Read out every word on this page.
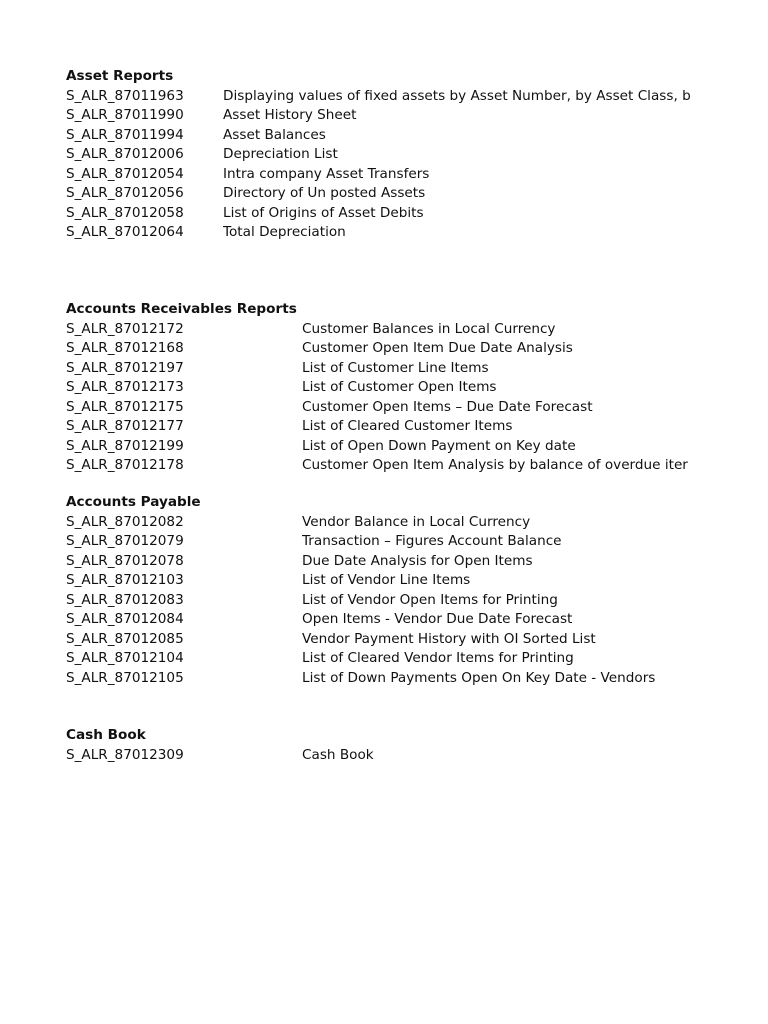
Asset Reports
S_ALR_87011963	Displaying values of fixed assets by Asset Number, by Asset Class, b
S_ALR_87011990	Asset History Sheet
S_ALR_87011994	Asset Balances
S_ALR_87012006	Depreciation List
S_ALR_87012054	Intra company Asset Transfers
S_ALR_87012056	Directory of Un posted Assets
S_ALR_87012058	List of Origins of Asset Debits
S_ALR_87012064	Total Depreciation
Accounts Receivables Reports
S_ALR_87012172	Customer Balances in Local Currency
S_ALR_87012168	Customer Open Item Due Date Analysis
S_ALR_87012197	List of Customer Line Items
S_ALR_87012173	List of Customer Open Items
S_ALR_87012175	Customer Open Items – Due Date Forecast
S_ALR_87012177	List of Cleared Customer Items
S_ALR_87012199	List of Open Down Payment on Key date
S_ALR_87012178	Customer Open Item Analysis by balance of overdue iter
Accounts Payable
S_ALR_87012082	Vendor Balance in Local Currency
S_ALR_87012079	Transaction – Figures Account Balance
S_ALR_87012078	Due Date Analysis for Open Items
S_ALR_87012103	List of Vendor Line Items
S_ALR_87012083	List of Vendor Open Items for Printing
S_ALR_87012084	Open Items - Vendor Due Date Forecast
S_ALR_87012085	Vendor Payment History with OI Sorted List
S_ALR_87012104	List of Cleared Vendor Items for Printing
S_ALR_87012105	List of Down Payments Open On Key Date - Vendors
Cash Book
S_ALR_87012309	Cash Book
